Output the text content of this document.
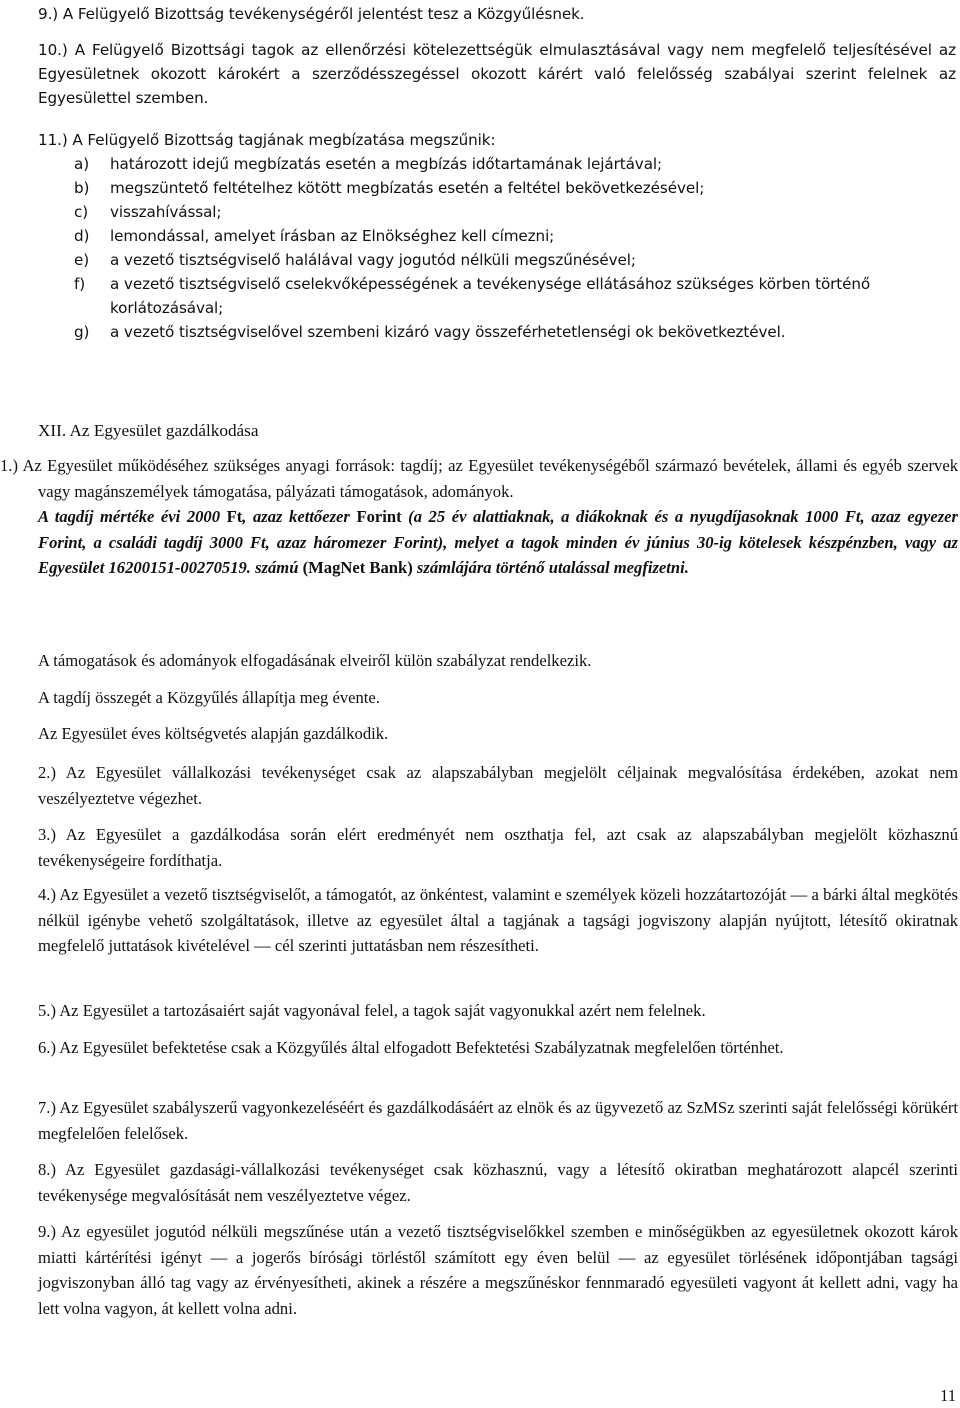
9.) A Felügyelő Bizottság tevékenységéről jelentést tesz a Közgyűlésnek.

10.) A Felügyelő Bizottsági tagok az ellenőrzési kötelezettségük elmulasztásával vagy nem megfelelő teljesítésével az Egyesületnek okozott károkért a szerződésszegéssel okozott kárért való felelősség szabályai szerint felelnek az Egyesülettel szemben.

11.) A Felügyelő Bizottság tagjának megbízatása megszűnik:

a)	határozott idejű megbízatás esetén a megbízás időtartamának lejártával;
b)	megszüntető feltételhez kötött megbízatás esetén a feltétel bekövetkezésével;
c)	visszahívással;
d)	lemondással, amelyet írásban az Elnökséghez kell címezni;
e)	a vezető tisztségviselő halálával vagy jogutód nélküli megszűnésével;
f)	a vezető tisztségviselő cselekvőképességének a tevékenysége ellátásához szükséges körben történő korlátozásával;
g)	a vezető tisztségviselővel szembeni kizáró vagy összeférhetetlenségi ok bekövetkeztével.
XII. Az Egyesület gazdálkodása

1.) Az Egyesület működéséhez szükséges anyagi források: tagdíj; az Egyesület tevékenységéből származó bevételek, állami és egyéb szervek vagy magánszemélyek támogatása, pályázati támogatások, adományok.

A tagdíj mértéke évi 2000 Ft, azaz kettőezer Forint (a 25 év alattiaknak, a diákoknak és a nyugdíjasoknak 1000 Ft, azaz egyezer Forint, a családi tagdíj 3000 Ft, azaz háromezer Forint), melyet a tagok minden év június 30-ig kötelesek készpénzben, vagy az Egyesület 16200151-00270519. számú (MagNet Bank) számlájára történő utalással megfizetni.

A támogatások és adományok elfogadásának elveiről külön szabályzat rendelkezik.

A tagdíj összegét a Közgyűlés állapítja meg évente.

Az Egyesület éves költségvetés alapján gazdálkodik.

2.) Az Egyesület vállalkozási tevékenységet csak az alapszabályban megjelölt céljainak megvalósítása érdekében, azokat nem veszélyeztetve végezhet.

3.) Az Egyesület a gazdálkodása során elért eredményét nem oszthatja fel, azt csak az alapszabályban megjelölt közhasznú tevékenységeire fordíthatja.

4.) Az Egyesület a vezető tisztségviselőt, a támogatót, az önkéntest, valamint e személyek közeli hozzátartozóját — a bárki által megkötés nélkül igénybe vehető szolgáltatások, illetve az egyesület által a tagjának a tagsági jogviszony alapján nyújtott, létesítő okiratnak megfelelő juttatások kivételével — cél szerinti juttatásban nem részesítheti.

5.) Az Egyesület a tartozásaiért saját vagyonával felel, a tagok saját vagyonukkal azért nem felelnek.

6.) Az Egyesület befektetése csak a Közgyűlés által elfogadott Befektetési Szabályzatnak megfelelően történhet.

7.) Az Egyesület szabályszerű vagyonkezeléséért és gazdálkodásáért az elnök és az ügyvezető az SzMSz szerinti saját felelősségi körükért megfelelően felelősek.

8.) Az Egyesület gazdasági-vállalkozási tevékenységet csak közhasznú, vagy a létesítő okiratban meghatározott alapcél szerinti tevékenysége megvalósítását nem veszélyeztetve végez.

9.) Az egyesület jogutód nélküli megszűnése után a vezető tisztségviselőkkel szemben e minőségükben az egyesületnek okozott károk miatti kártérítési igényt — a jogerős bírósági törléstől számított egy éven belül — az egyesület törlésének időpontjában tagsági jogviszonyban álló tag vagy az érvényesítheti, akinek a részére a megszűnéskor fennmaradó egyesületi vagyont át kellett adni, vagy ha lett volna vagyon, át kellett volna adni.

11
